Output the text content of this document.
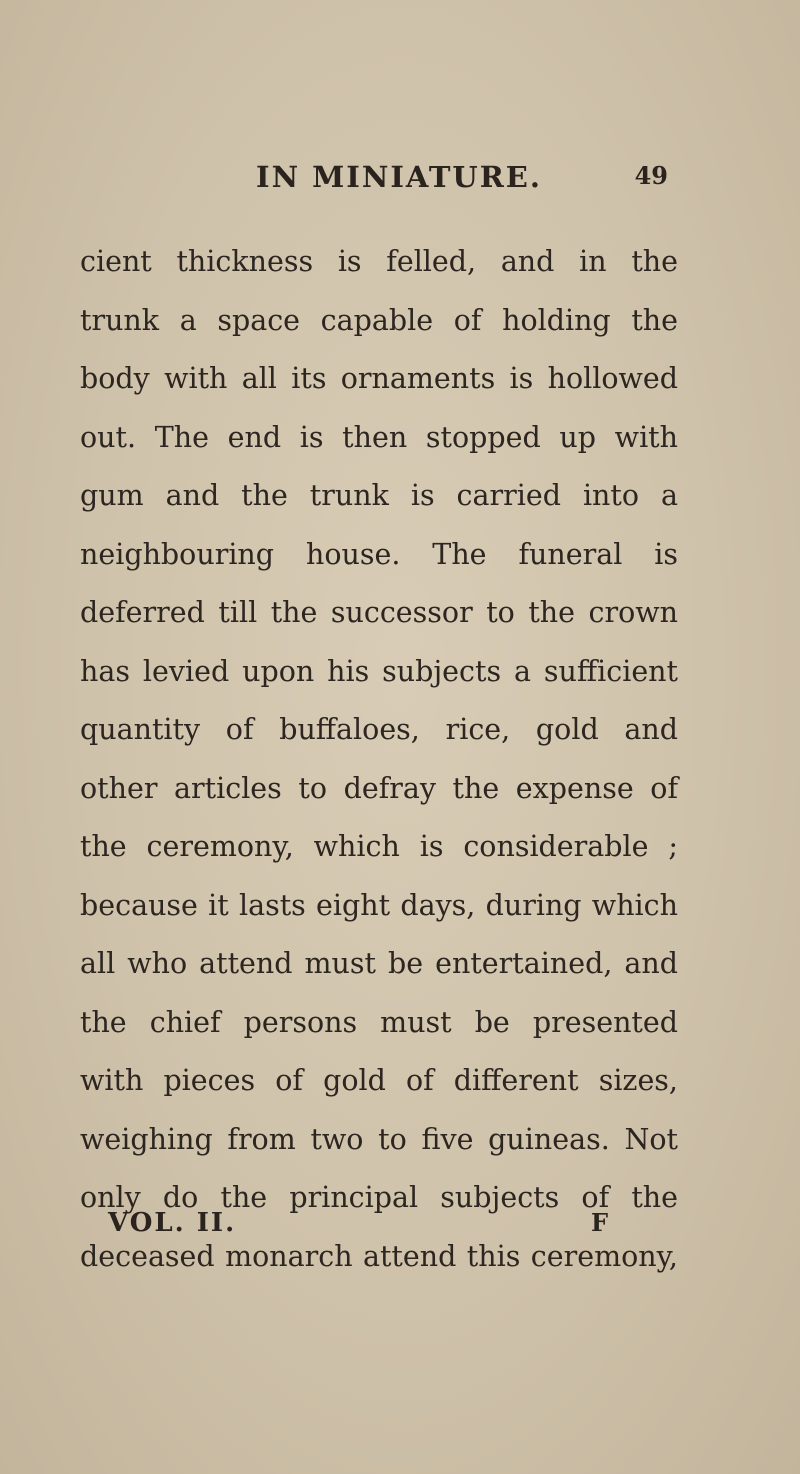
IN MINIATURE.	49
cient thickness is felled, and in the
trunk a space capable of holding the
body with all its ornaments is hollowed
out. The end is then stopped up with
gum and the trunk is carried into a
neighbouring house. The funeral is
deferred till the successor to the crown
has levied upon his subjects a sufficient
quantity of buffaloes, rice, gold and
other articles to defray the expense of
the ceremony, which is considerable ;
because it lasts eight days, during which
all who attend must be entertained, and
the chief persons must be presented
with pieces of gold of different sizes,
weighing from two to five guineas. Not
only do the principal subjects of the
deceased monarch attend this ceremony,
VOL. II.	F
